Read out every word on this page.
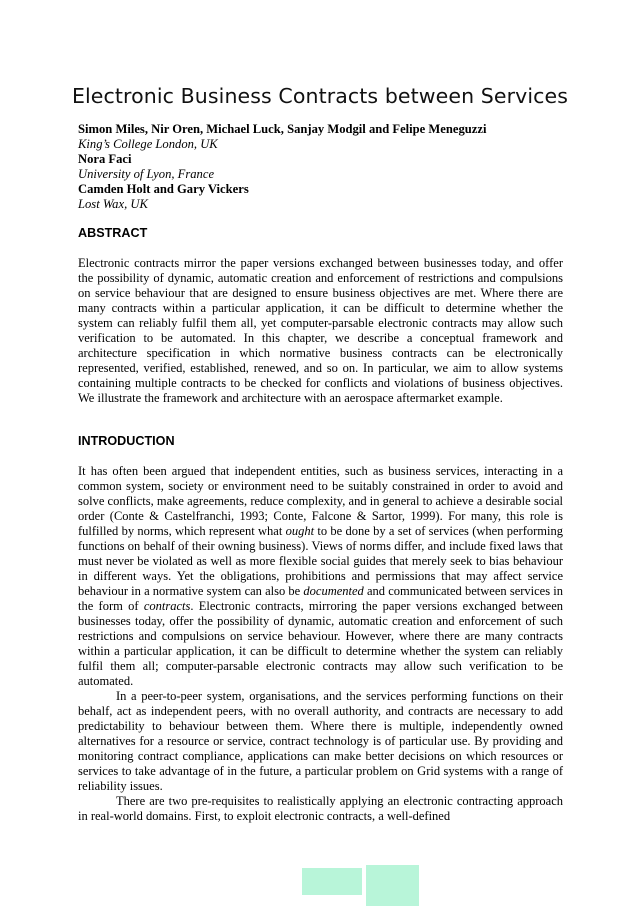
Electronic Business Contracts between Services
Simon Miles, Nir Oren, Michael Luck, Sanjay Modgil and Felipe Meneguzzi
King’s College London, UK
Nora Faci
University of Lyon, France
Camden Holt and Gary Vickers
Lost Wax, UK
ABSTRACT

Electronic contracts mirror the paper versions exchanged between businesses today, and offer the possibility of dynamic, automatic creation and enforcement of restrictions and compulsions on service behaviour that are designed to ensure business objectives are met. Where there are many contracts within a particular application, it can be difficult to determine whether the system can reliably fulfil them all, yet computer-parsable electronic contracts may allow such verification to be automated. In this chapter, we describe a conceptual framework and architecture specification in which normative business contracts can be electronically represented, verified, established, renewed, and so on. In particular, we aim to allow systems containing multiple contracts to be checked for conflicts and violations of business objectives. We illustrate the framework and architecture with an aerospace aftermarket example.

INTRODUCTION

It has often been argued that independent entities, such as business services, interacting in a common system, society or environment need to be suitably constrained in order to avoid and solve conflicts, make agreements, reduce complexity, and in general to achieve a desirable social order (Conte & Castelfranchi, 1993; Conte, Falcone & Sartor, 1999). For many, this role is fulfilled by norms, which represent what ought to be done by a set of services (when performing functions on behalf of their owning business). Views of norms differ, and include fixed laws that must never be violated as well as more flexible social guides that merely seek to bias behaviour in different ways. Yet the obligations, prohibitions and permissions that may affect service behaviour in a normative system can also be documented and communicated between services in the form of contracts. Electronic contracts, mirroring the paper versions exchanged between businesses today, offer the possibility of dynamic, automatic creation and enforcement of such restrictions and compulsions on service behaviour. However, where there are many contracts within a particular application, it can be difficult to determine whether the system can reliably fulfil them all; computer-parsable electronic contracts may allow such verification to be automated.

In a peer-to-peer system, organisations, and the services performing functions on their behalf, act as independent peers, with no overall authority, and contracts are necessary to add predictability to behaviour between them. Where there is multiple, independently owned alternatives for a resource or service, contract technology is of particular use. By providing and monitoring contract compliance, applications can make better decisions on which resources or services to take advantage of in the future, a particular problem on Grid systems with a range of reliability issues.

There are two pre-requisites to realistically applying an electronic contracting approach in real-world domains. First, to exploit electronic contracts, a well-defined
